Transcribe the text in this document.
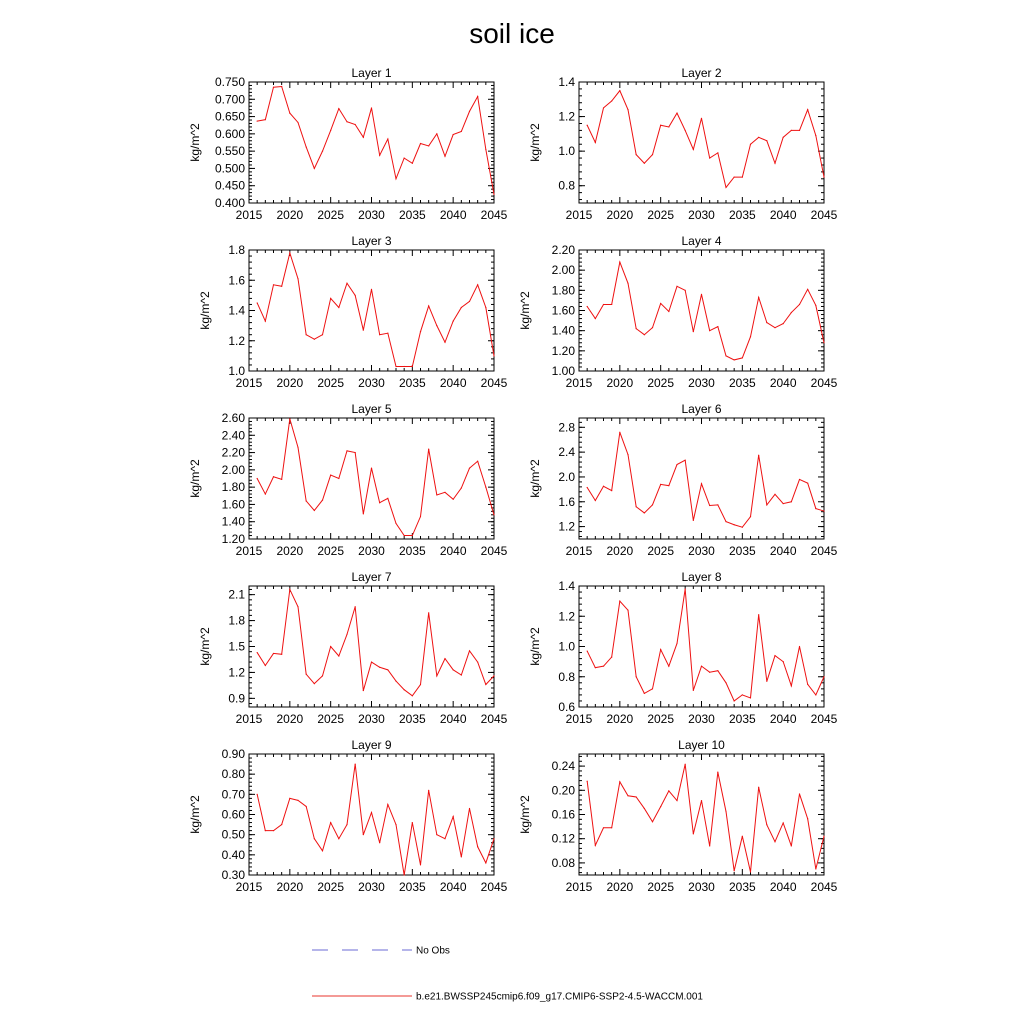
soil ice
Layer 1
2015 2020 2025 2030 2035 2040 2045
0.400
0.450
0.500
0.550
0.600
0.650
0.700
0.750
kg/m^2
Layer 2
2015 2020 2025 2030 2035 2040 2045
0.8
1.0
1.2
1.4
kg/m^2
Layer 3
2015 2020 2025 2030 2035 2040 2045
1.0
1.2
1.4
1.6
1.8
kg/m^2
Layer 4
2015 2020 2025 2030 2035 2040 2045
1.00
1.20
1.40
1.60
1.80
2.00
2.20
kg/m^2
Layer 5
2015 2020 2025 2030 2035 2040 2045
1.20
1.40
1.60
1.80
2.00
2.20
2.40
2.60
kg/m^2
Layer 6
2015 2020 2025 2030 2035 2040 2045
1.2
1.6
2.0
2.4
2.8
kg/m^2
Layer 7
2015 2020 2025 2030 2035 2040 2045
0.9
1.2
1.5
1.8
2.1
kg/m^2
Layer 8
2015 2020 2025 2030 2035 2040 2045
0.6
0.8
1.0
1.2
1.4
kg/m^2
Layer 9
2015 2020 2025 2030 2035 2040 2045
0.30
0.40
0.50
0.60
0.70
0.80
0.90
kg/m^2
Layer 10
2015 2020 2025 2030 2035 2040 2045
0.08
0.12
0.16
0.20
0.24
kg/m^2
No Obs
b.e21.BWSSP245cmip6.f09_g17.CMIP6-SSP2-4.5-WACCM.001
